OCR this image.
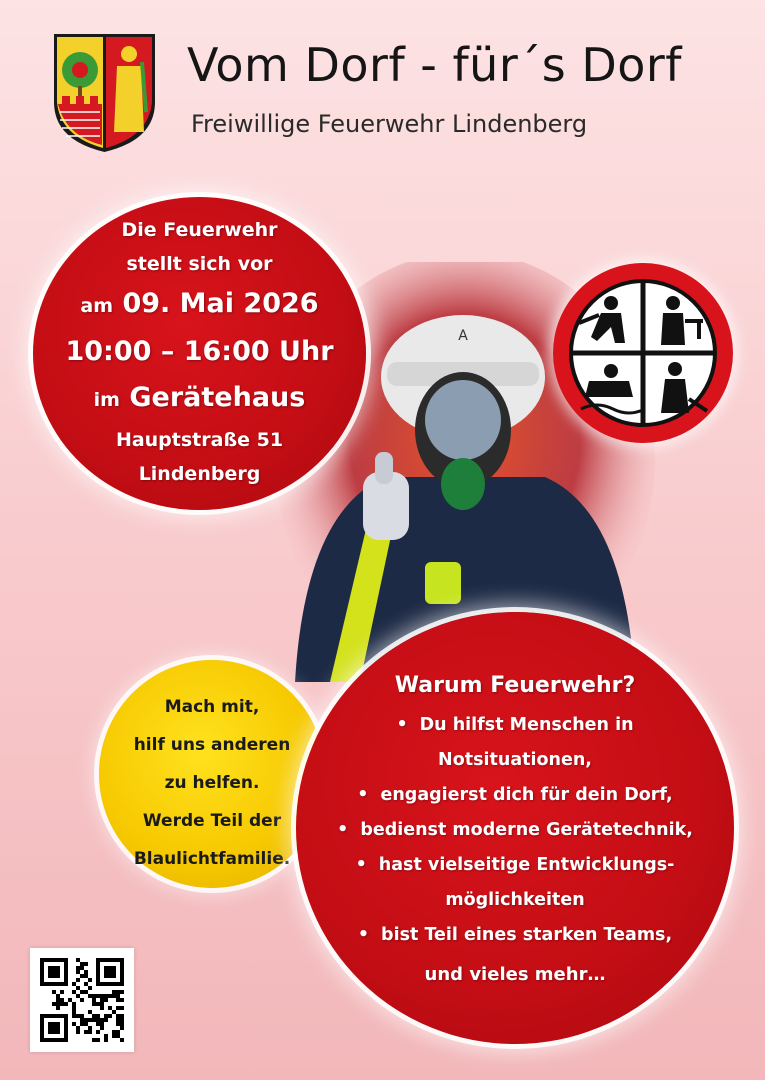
Vom Dorf - für´s Dorf
Freiwillige Feuerwehr Lindenberg
A
Die Feuerwehr
stellt sich vor
am 09. Mai 2026
10:00 – 16:00 Uhr
im Gerätehaus
Hauptstraße 51
Lindenberg
Mach mit,
hilf uns anderen
zu helfen.
Werde Teil der
Blaulichtfamilie.
Warum Feuerwehr?
• Du hilfst Menschen in
Notsituationen,
• engagierst dich für dein Dorf,
• bedienst moderne Gerätetechnik,
• hast vielseitige Entwicklungs-
möglichkeiten
• bist Teil eines starken Teams,
und vieles mehr…
